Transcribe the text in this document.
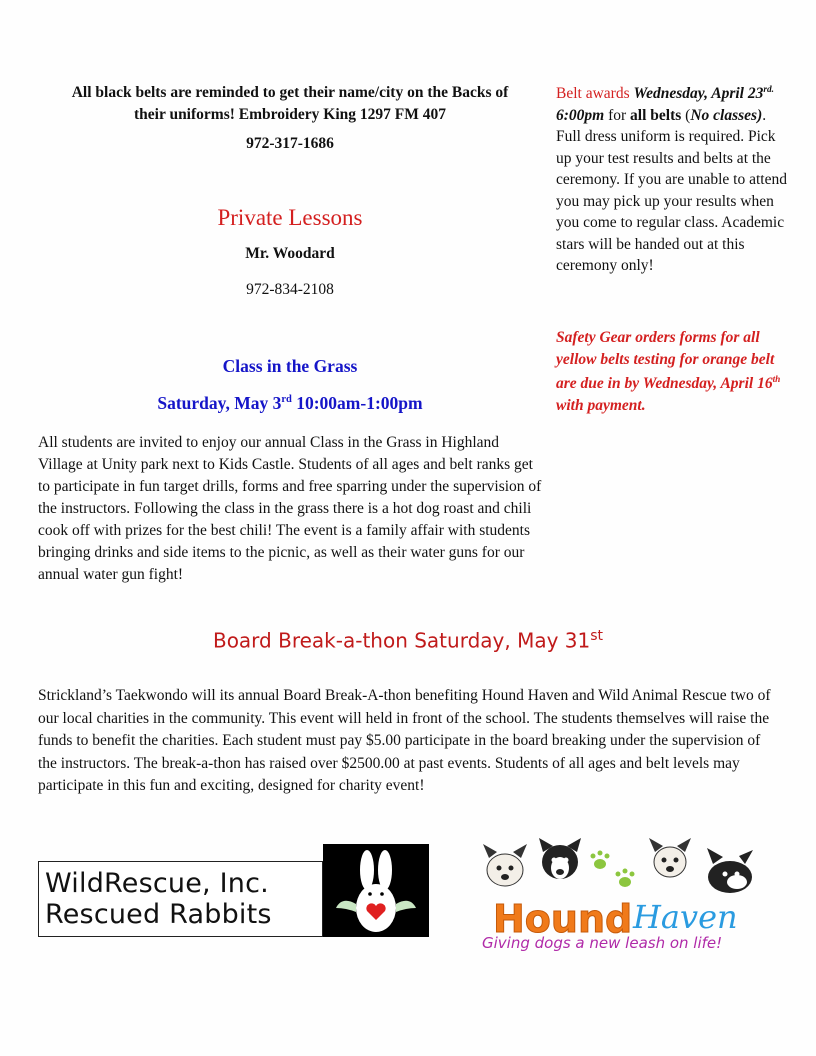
All black belts are reminded to get their name/city on the Backs of their uniforms! Embroidery King 1297 FM 407
972-317-1686
Private Lessons
Mr. Woodard
972-834-2108
Class in the Grass
Saturday, May 3rd 10:00am-1:00pm
All students are invited to enjoy our annual Class in the Grass in Highland Village at Unity park next to Kids Castle. Students of all ages and belt ranks get to participate in fun target drills, forms and free sparring under the supervision of the instructors. Following the class in the grass there is a hot dog roast and chili cook off with prizes for the best chili! The event is a family affair with students bringing drinks and side items to the picnic, as well as their water guns for our annual water gun fight!
Belt awards Wednesday, April $23^{rd.}$ 6:00pm for all belts (No classes). Full dress uniform is required. Pick up your test results and belts at the ceremony. If you are unable to attend you may pick up your results when you come to regular class. Academic stars will be handed out at this ceremony only!
Safety Gear orders forms for all yellow belts testing for orange belt are due in by Wednesday, April 16th with payment.
Board Break-a-thon Saturday, May 31st
Strickland’s Taekwondo will its annual Board Break-A-thon benefiting Hound Haven and Wild Animal Rescue two of our local charities in the community. This event will held in front of the school. The students themselves will raise the funds to benefit the charities. Each student must pay $5.00 participate in the board breaking under the supervision of the instructors. The break-a-thon has raised over $2500.00 at past events. Students of all ages and belt levels may participate in this fun and exciting, designed for charity event!
WildRescue, Inc.
Rescued Rabbits	Hound Haven
Giving dogs a new leash on life!
